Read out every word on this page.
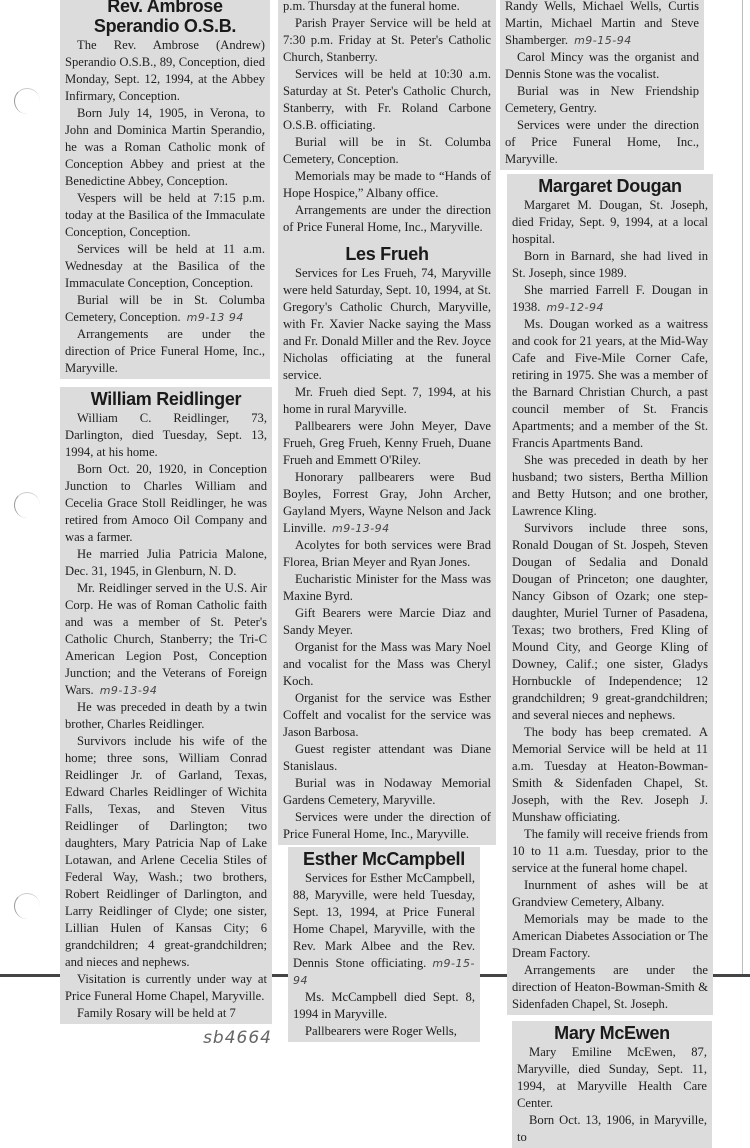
Rev. Ambrose Sperandio O.S.B.

The Rev. Ambrose (Andrew) Sperandio O.S.B., 89, Conception, died Monday, Sept. 12, 1994, at the Abbey Infirmary, Conception.

Born July 14, 1905, in Verona, to John and Dominica Martin Sperandio, he was a Roman Catholic monk of Conception Abbey and priest at the Benedictine Abbey, Conception.

Vespers will be held at 7:15 p.m. today at the Basilica of the Immaculate Conception, Conception.

Services will be held at 11 a.m. Wednesday at the Basilica of the Immaculate Conception, Conception.

Burial will be in St. Columba Cemetery, Conception. m9-13 94

Arrangements are under the direction of Price Funeral Home, Inc., Maryville.

William Reidlinger

William C. Reidlinger, 73, Darlington, died Tuesday, Sept. 13, 1994, at his home.

Born Oct. 20, 1920, in Conception Junction to Charles William and Cecelia Grace Stoll Reidlinger, he was retired from Amoco Oil Company and was a farmer.

He married Julia Patricia Malone, Dec. 31, 1945, in Glenburn, N. D.

Mr. Reidlinger served in the U.S. Air Corp. He was of Roman Catholic faith and was a member of St. Peter's Catholic Church, Stanberry; the Tri-C American Legion Post, Conception Junction; and the Veterans of Foreign Wars. m9-13-94

He was preceded in death by a twin brother, Charles Reidlinger.

Survivors include his wife of the home; three sons, William Conrad Reidlinger Jr. of Garland, Texas, Edward Charles Reidlinger of Wichita Falls, Texas, and Steven Vitus Reidlinger of Darlington; two daughters, Mary Patricia Nap of Lake Lotawan, and Arlene Cecelia Stiles of Federal Way, Wash.; two brothers, Robert Reidlinger of Darlington, and Larry Reidlinger of Clyde; one sister, Lillian Hulen of Kansas City; 6 grandchildren; 4 great-grandchildren; and nieces and nephews.

Visitation is currently under way at Price Funeral Home Chapel, Maryville.

Family Rosary will be held at 7

sb4664

p.m. Thursday at the funeral home.

Parish Prayer Service will be held at 7:30 p.m. Friday at St. Peter's Catholic Church, Stanberry.

Services will be held at 10:30 a.m. Saturday at St. Peter's Catholic Church, Stanberry, with Fr. Roland Carbone O.S.B. officiating.

Burial will be in St. Columba Cemetery, Conception.

Memorials may be made to “Hands of Hope Hospice,” Albany office.

Arrangements are under the direction of Price Funeral Home, Inc., Maryville.

Les Frueh

Services for Les Frueh, 74, Maryville were held Saturday, Sept. 10, 1994, at St. Gregory's Catholic Church, Maryville, with Fr. Xavier Nacke saying the Mass and Fr. Donald Miller and the Rev. Joyce Nicholas officiating at the funeral service.

Mr. Frueh died Sept. 7, 1994, at his home in rural Maryville.

Pallbearers were John Meyer, Dave Frueh, Greg Frueh, Kenny Frueh, Duane Frueh and Emmett O'Riley.

Honorary pallbearers were Bud Boyles, Forrest Gray, John Archer, Gayland Myers, Wayne Nelson and Jack Linville. m9-13-94

Acolytes for both services were Brad Florea, Brian Meyer and Ryan Jones.

Eucharistic Minister for the Mass was Maxine Byrd.

Gift Bearers were Marcie Diaz and Sandy Meyer.

Organist for the Mass was Mary Noel and vocalist for the Mass was Cheryl Koch.

Organist for the service was Esther Coffelt and vocalist for the service was Jason Barbosa.

Guest register attendant was Diane Stanislaus.

Burial was in Nodaway Memorial Gardens Cemetery, Maryville.

Services were under the direction of Price Funeral Home, Inc., Maryville.

Esther McCampbell

Services for Esther McCampbell, 88, Maryville, were held Tuesday, Sept. 13, 1994, at Price Funeral Home Chapel, Maryville, with the Rev. Mark Albee and the Rev. Dennis Stone officiating. m9-15-94

Ms. McCampbell died Sept. 8, 1994 in Maryville.

Pallbearers were Roger Wells,

Randy Wells, Michael Wells, Curtis Martin, Michael Martin and Steve Shamberger. m9-15-94

Carol Mincy was the organist and Dennis Stone was the vocalist.

Burial was in New Friendship Cemetery, Gentry.

Services were under the direction of Price Funeral Home, Inc., Maryville.

Margaret Dougan

Margaret M. Dougan, St. Joseph, died Friday, Sept. 9, 1994, at a local hospital.

Born in Barnard, she had lived in St. Joseph, since 1989.

She married Farrell F. Dougan in 1938. m9-12-94

Ms. Dougan worked as a waitress and cook for 21 years, at the Mid-Way Cafe and Five-Mile Corner Cafe, retiring in 1975. She was a member of the Barnard Christian Church, a past council member of St. Francis Apartments; and a member of the St. Francis Apartments Band.

She was preceded in death by her husband; two sisters, Bertha Million and Betty Hutson; and one brother, Lawrence Kling.

Survivors include three sons, Ronald Dougan of St. Jospeh, Steven Dougan of Sedalia and Donald Dougan of Princeton; one daughter, Nancy Gibson of Ozark; one step-daughter, Muriel Turner of Pasadena, Texas; two brothers, Fred Kling of Mound City, and George Kling of Downey, Calif.; one sister, Gladys Hornbuckle of Independence; 12 grandchildren; 9 great-grandchildren; and several nieces and nephews.

The body has beep cremated. A Memorial Service will be held at 11 a.m. Tuesday at Heaton-Bowman-Smith & Sidenfaden Chapel, St. Joseph, with the Rev. Joseph J. Munshaw officiating.

The family will receive friends from 10 to 11 a.m. Tuesday, prior to the service at the funeral home chapel.

Inurnment of ashes will be at Grandview Cemetery, Albany.

Memorials may be made to the American Diabetes Association or The Dream Factory.

Arrangements are under the direction of Heaton-Bowman-Smith & Sidenfaden Chapel, St. Joseph.

Mary McEwen

Mary Emiline McEwen, 87, Maryville, died Sunday, Sept. 11, 1994, at Maryville Health Care Center.

Born Oct. 13, 1906, in Maryville, to
